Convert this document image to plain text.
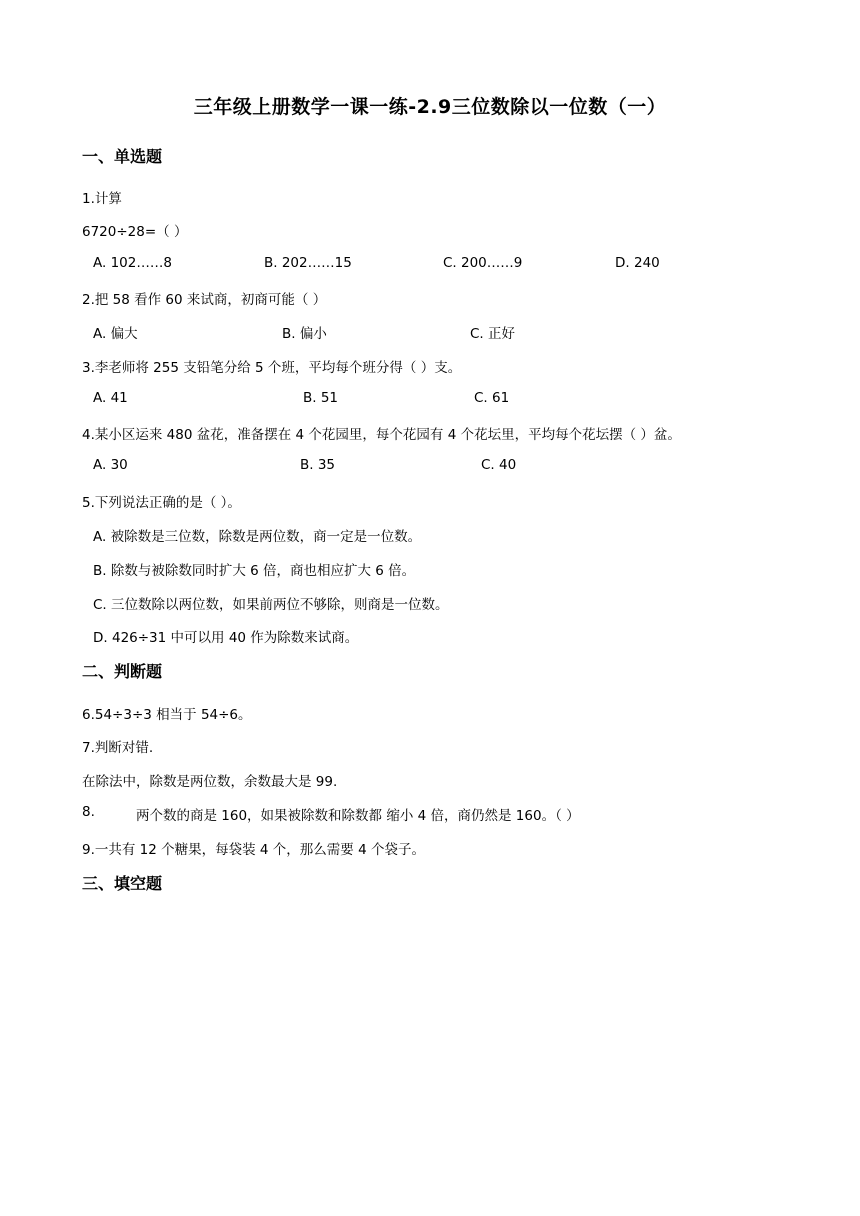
三年级上册数学一课一练-2.9三位数除以一位数（一）
一、单选题
1.计算
6720÷28=（ ）
A. 102……8	B. 202……15	C. 200……9	D. 240
2.把 58 看作 60 来试商，初商可能（ ）
A. 偏大	B. 偏小	C. 正好
3.李老师将 255 支铅笔分给 5 个班，平均每个班分得（ ）支。
A. 41	B. 51	C. 61
4.某小区运来 480 盆花，准备摆在 4 个花园里，每个花园有 4 个花坛里，平均每个花坛摆（ ）盆。
A. 30	B. 35	C. 40
5.下列说法正确的是（ ）。
A. 被除数是三位数，除数是两位数，商一定是一位数。
B. 除数与被除数同时扩大 6 倍，商也相应扩大 6 倍。
C. 三位数除以两位数，如果前两位不够除，则商是一位数。
D. 426÷31 中可以用 40 作为除数来试商。
二、判断题
6.54÷3÷3 相当于 54÷6。
7.判断对错.
在除法中，除数是两位数，余数最大是 99.
8.	两个数的商是 160，如果被除数和除数都 缩小 4 倍，商仍然是 160。（ ）
9.一共有 12 个糖果，每袋装 4 个，那么需要 4 个袋子。
三、填空题
